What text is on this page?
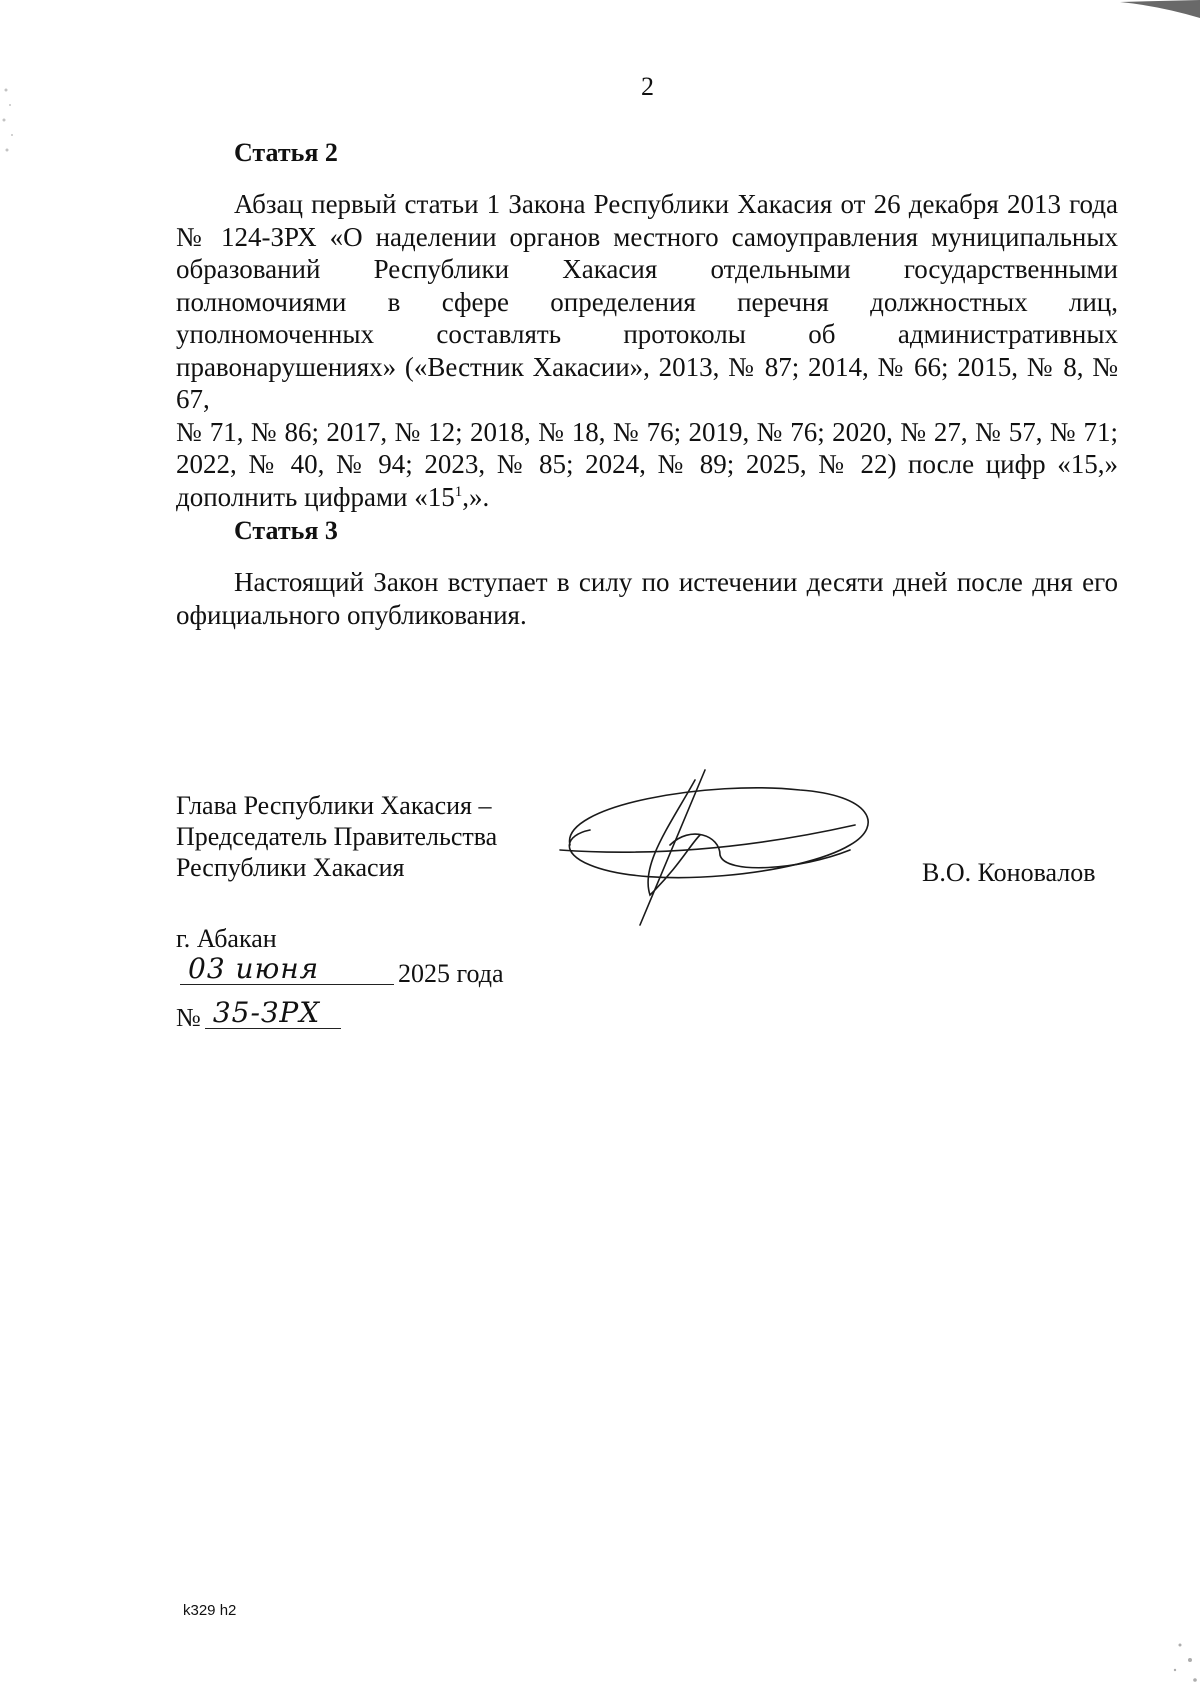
2
Статья 2
Абзац первый статьи 1 Закона Республики Хакасия от 26 декабря 2013 года
№ 124-ЗРХ «О наделении органов местного самоуправления муниципальных
образований Республики Хакасия отдельными государственными
полномочиями в сфере определения перечня должностных лиц,
уполномоченных составлять протоколы об административных
правонарушениях» («Вестник Хакасии», 2013, № 87; 2014, № 66; 2015, № 8, № 67,
№ 71, № 86; 2017, № 12; 2018, № 18, № 76; 2019, № 76; 2020, № 27, № 57, № 71;
2022, № 40, № 94; 2023, № 85; 2024, № 89; 2025, № 22) после цифр «15,»
дополнить цифрами «$15^1$,».
Статья 3
Настоящий Закон вступает в силу по истечении десяти дней после дня его
официального опубликования.
Глава Республики Хакасия –
Председатель Правительства
Республики Хакасия	В.О. Коновалов
г. Абакан
03 июня	2025 года
№ 35-ЗРХ
k329 h2
